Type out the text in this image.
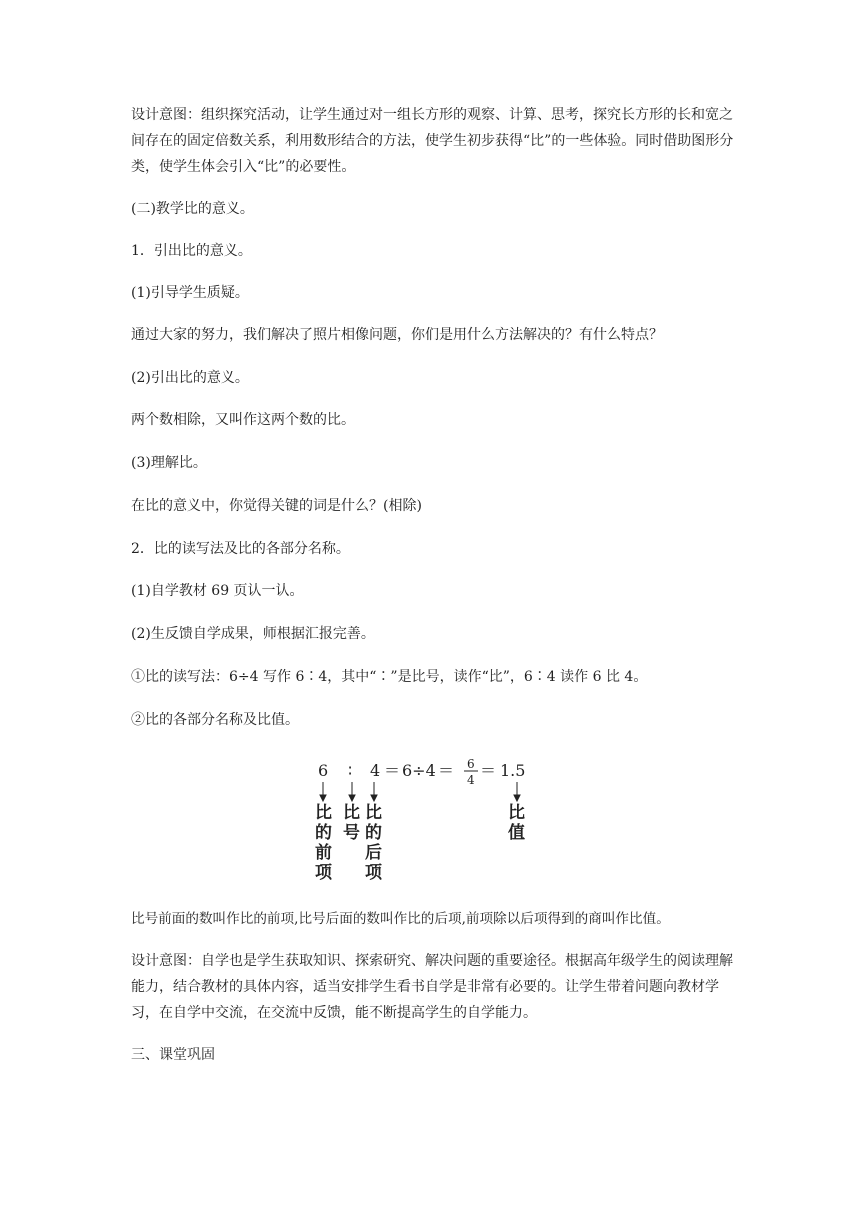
设计意图：组织探究活动，让学生通过对一组长方形的观察、计算、思考，探究长方形的长和宽之间存在的固定倍数关系，利用数形结合的方法，使学生初步获得“比”的一些体验。同时借助图形分类，使学生体会引入“比”的必要性。

(二)教学比的意义。

1．引出比的意义。

(1)引导学生质疑。

通过大家的努力，我们解决了照片相像问题，你们是用什么方法解决的？有什么特点？

(2)引出比的意义。

两个数相除，又叫作这两个数的比。

(3)理解比。

在比的意义中，你觉得关键的词是什么？(相除)

2．比的读写法及比的各部分名称。

(1)自学教材 69 页认一认。

(2)生反馈自学成果，师根据汇报完善。

①比的读写法：6÷4 写作 6∶4，其中“∶”是比号，读作“比”，6∶4 读作 6 比 4。

②比的各部分名称及比值。

6 ∶ 4 ＝ 6÷4 ＝ 6
4 ＝ 1.5
比
的
前
项
比
号
比
的
后
项
比
值

比号前面的数叫作比的前项,比号后面的数叫作比的后项,前项除以后项得到的商叫作比值。

设计意图：自学也是学生获取知识、探索研究、解决问题的重要途径。根据高年级学生的阅读理解能力，结合教材的具体内容，适当安排学生看书自学是非常有必要的。让学生带着问题向教材学习，在自学中交流，在交流中反馈，能不断提高学生的自学能力。

三、课堂巩固
